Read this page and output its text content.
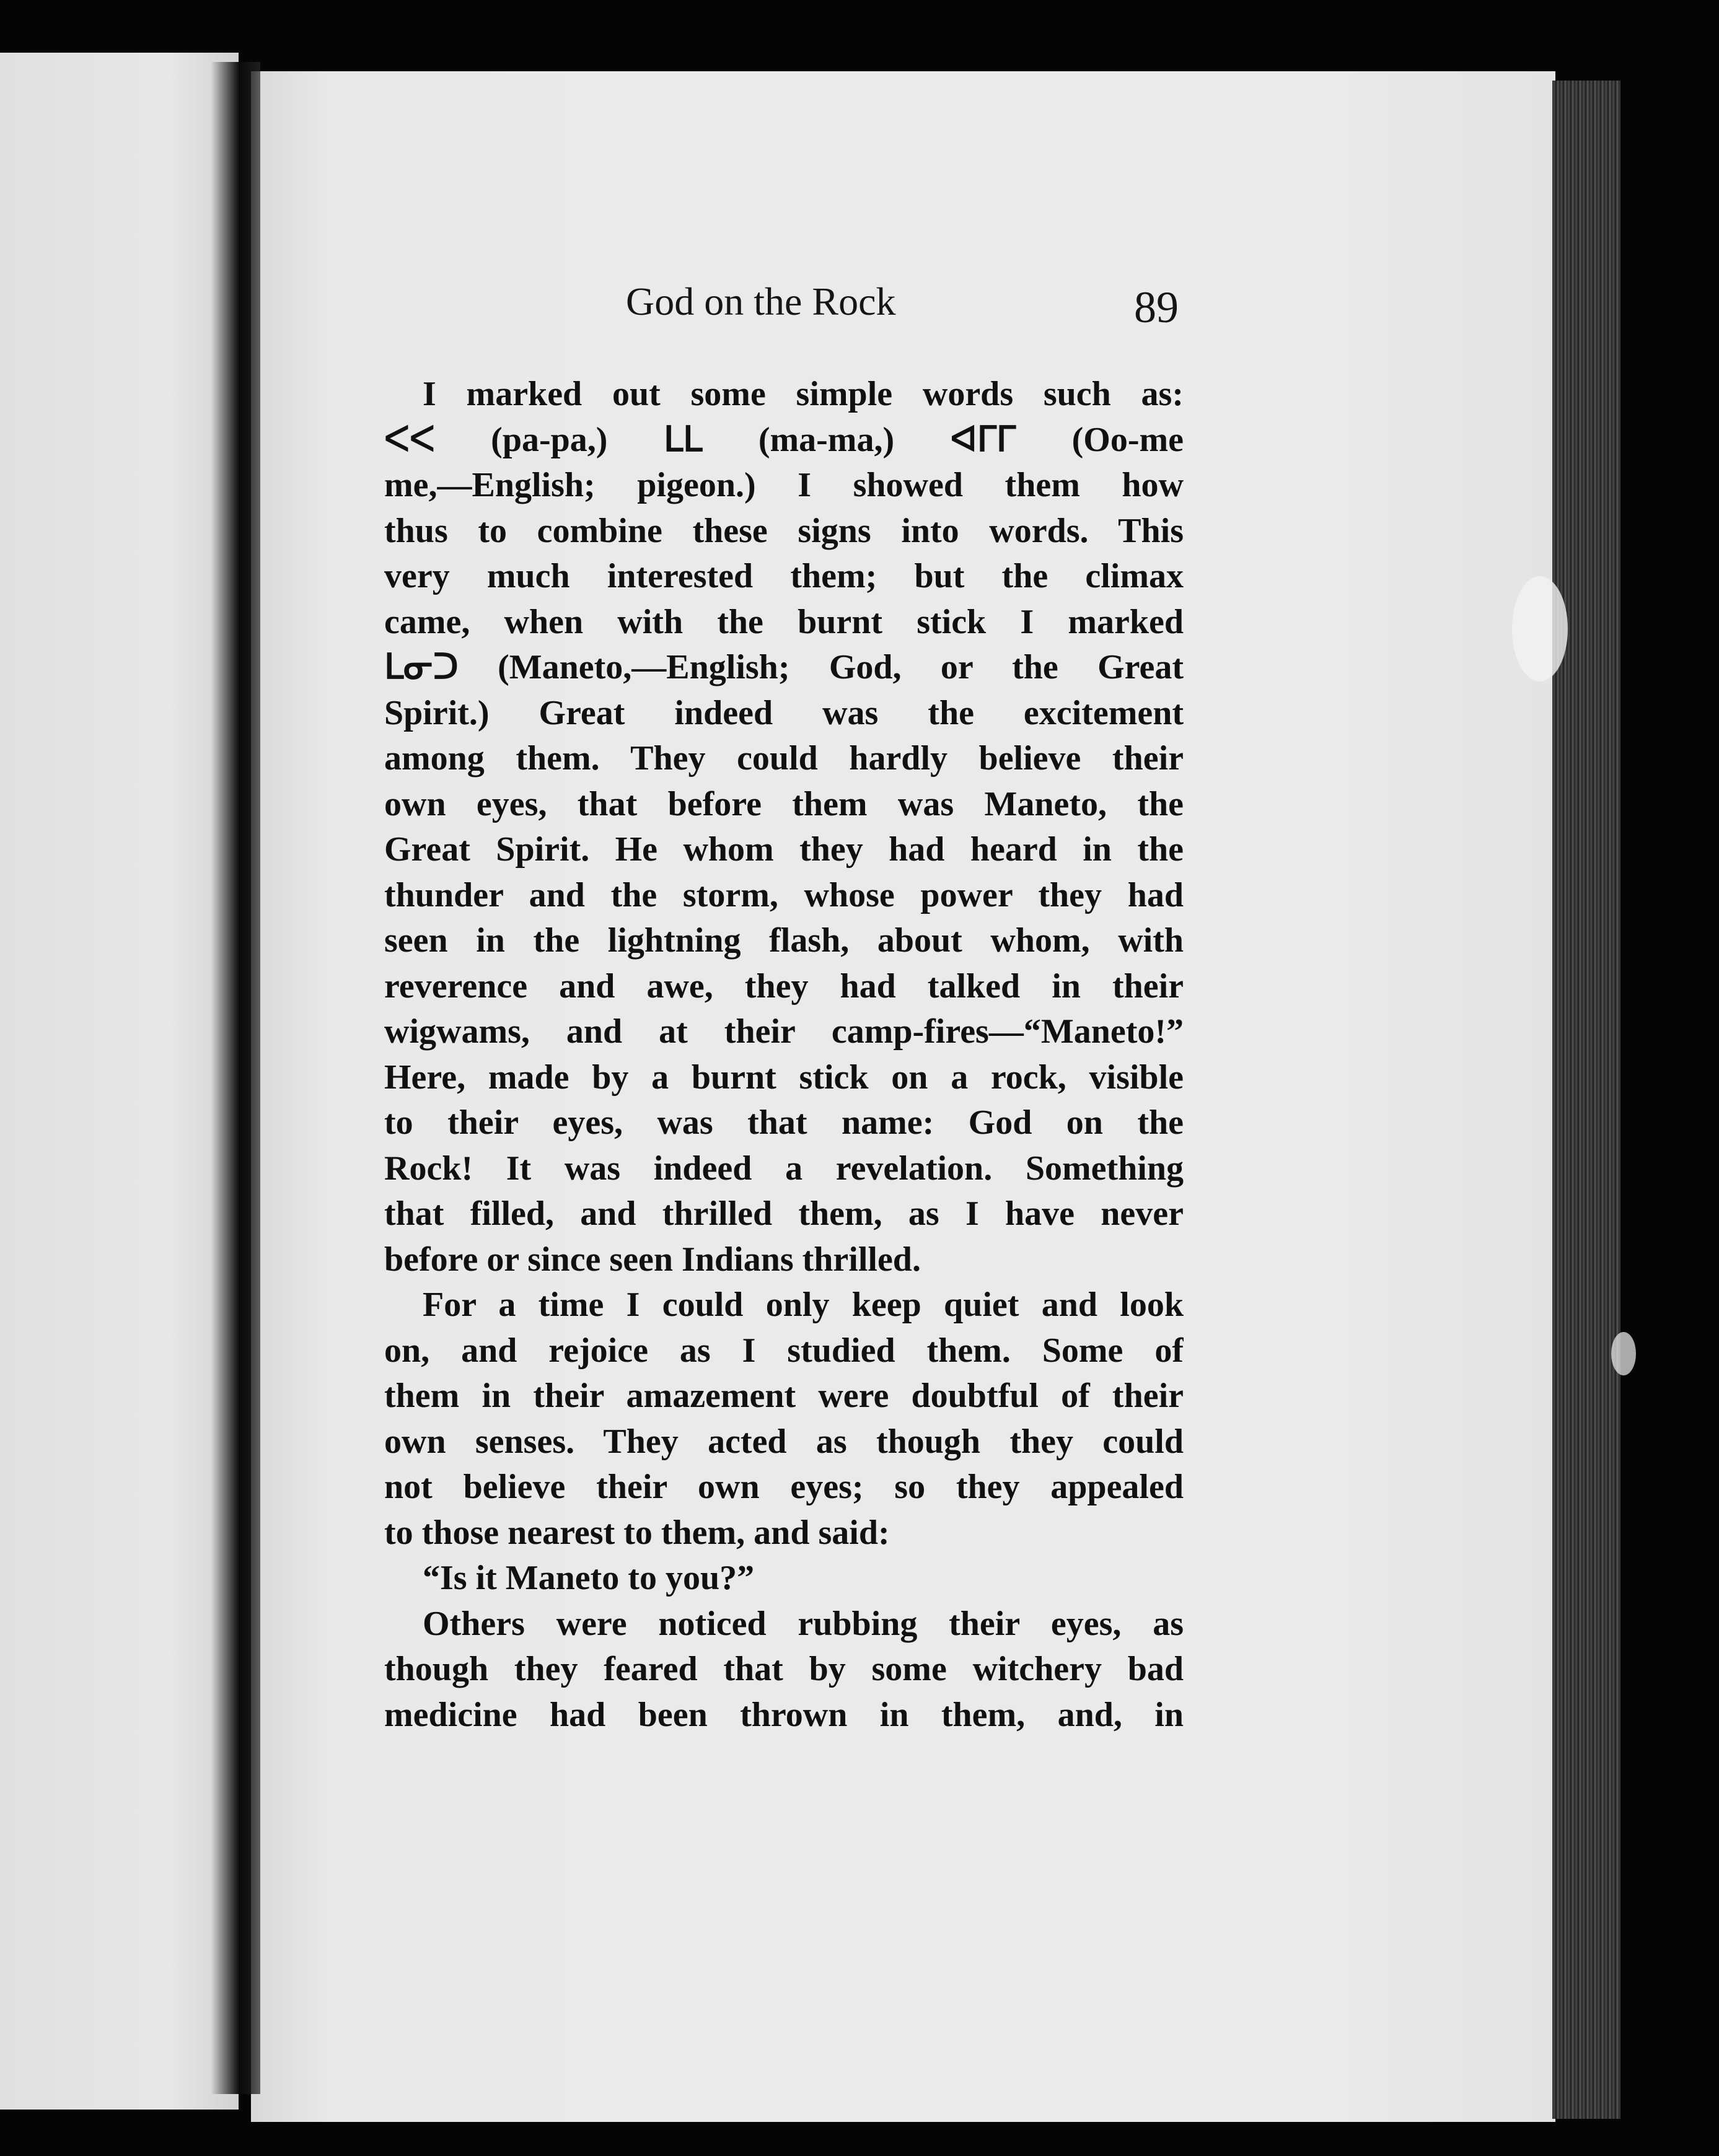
God on the Rock	89
I marked out some simple words such as:
ᐸᐸ (pa-pa,) ᒪᒪ (ma-ma,) ᐊᒥᒥ (Oo-me
me,—English; pigeon.) I showed them how
thus to combine these signs into words. This
very much interested them; but the climax
came, when with the burnt stick I marked
ᒪᓂᑐ (Maneto,—English; God, or the Great
Spirit.) Great indeed was the excitement
among them. They could hardly believe their
own eyes, that before them was Maneto, the
Great Spirit. He whom they had heard in the
thunder and the storm, whose power they had
seen in the lightning flash, about whom, with
reverence and awe, they had talked in their
wigwams, and at their camp-fires—“Maneto!”
Here, made by a burnt stick on a rock, visible
to their eyes, was that name: God on the
Rock! It was indeed a revelation. Something
that filled, and thrilled them, as I have never
before or since seen Indians thrilled.
For a time I could only keep quiet and look
on, and rejoice as I studied them. Some of
them in their amazement were doubtful of their
own senses. They acted as though they could
not believe their own eyes; so they appealed
to those nearest to them, and said:
“Is it Maneto to you?”
Others were noticed rubbing their eyes, as
though they feared that by some witchery bad
medicine had been thrown in them, and, in
